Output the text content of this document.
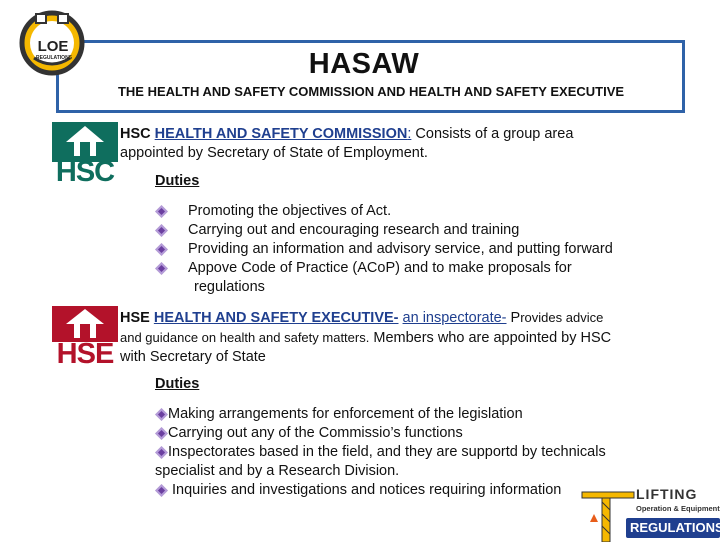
LOE
REGULATIONS	HASAW
THE HEALTH AND SAFETY COMMISSION AND HEALTH AND SAFETY EXECUTIVE
HSC
HSC HEALTH AND SAFETY COMMISSION: Consists of a group area
appointed by Secretary of State of Employment.
Duties
Promoting the objectives of Act.
Carrying out and encouraging research and training
Providing an information and advisory service, and putting forward
Appove Code of Practice (ACoP) and to make proposals for
regulations
HSE
HSE HEALTH AND SAFETY EXECUTIVE- an inspectorate- Provides advice
and guidance on health and safety matters. Members who are appointed by HSC
with Secretary of State
Duties
Making arrangements for enforcement of the legislation
Carrying out any of the Commissio’s functions
Inspectorates based in the field, and they are supportd by technicals
specialist and by a Research Division.
Inquiries and investigations and notices requiring information	LIFTING
Operation & Equipment
REGULATIONS
